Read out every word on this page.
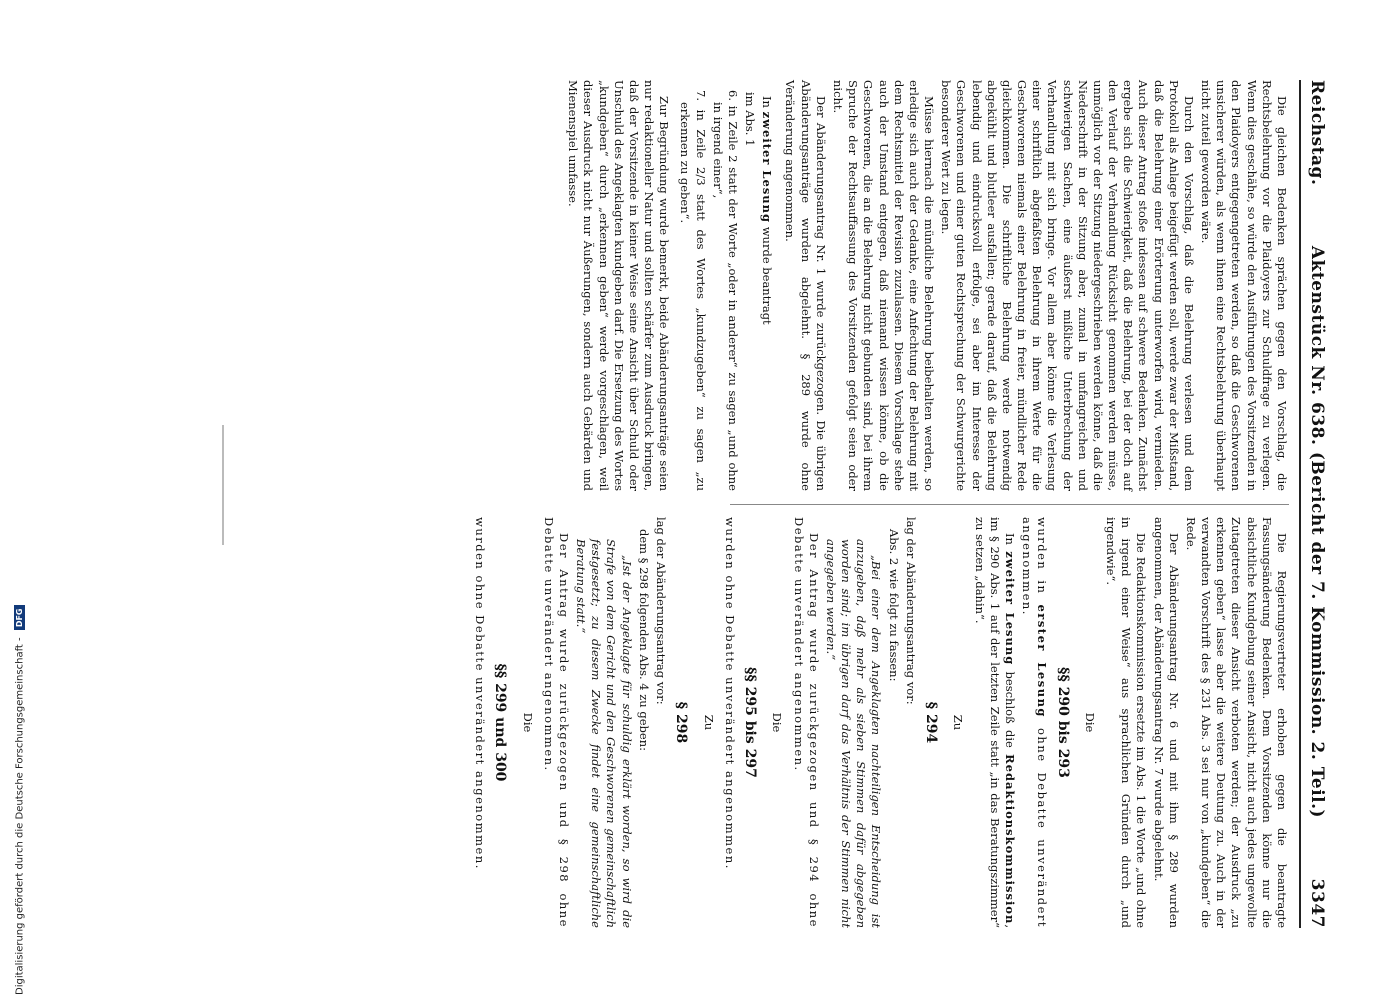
Reichstag.
Aktenstück Nr. 638. (Bericht der 7. Kommission. 2. Teil.)
3347

Die gleichen Bedenken sprächen gegen den Vorschlag, die Rechtsbelehrung vor die Plaidoyers zur Schuldfrage zu verlegen. Wenn dies geschähe, so würde den Ausführungen des Vorsitzenden in den Plaidoyers entgegengetreten werden, so daß die Geschworenen unsicherer würden, als wenn ihnen eine Rechtsbelehrung überhaupt nicht zuteil geworden wäre.

Durch den Vorschlag, daß die Belehrung verlesen und dem Protokoll als Anlage beigefügt werden soll, werde zwar der Mißstand, daß die Belehrung einer Erörterung unterworfen wird, vermieden. Auch dieser Antrag stoße indessen auf schwere Bedenken. Zunächst ergebe sich die Schwierigkeit, daß die Belehrung, bei der doch auf den Verlauf der Verhandlung Rücksicht genommen werden müsse, unmöglich vor der Sitzung niedergeschrieben werden könne, daß die Niederschrift in der Sitzung aber, zumal in umfangreichen und schwierigen Sachen, eine äußerst mißliche Unterbrechung der Verhandlung mit sich bringe. Vor allem aber könne die Verlesung einer schriftlich abgefaßten Belehrung in ihrem Werte für die Geschworenen niemals einer Belehrung in freier, mündlicher Rede gleichkommen. Die schriftliche Belehrung werde notwendig abgekühlt und blutleer ausfallen; gerade darauf, daß die Belehrung lebendig und eindrucksvoll erfolge, sei aber im Interesse der Geschworenen und einer guten Rechtsprechung der Schwurgerichte besonderer Wert zu legen.

Müsse hiernach die mündliche Belehrung beibehalten werden, so erledige sich auch der Gedanke, eine Anfechtung der Belehrung mit dem Rechtsmittel der Revision zuzulassen. Diesem Vorschlage stehe auch der Umstand entgegen, daß niemand wissen könne, ob die Geschworenen, die an die Belehrung nicht gebunden sind, bei ihrem Spruche der Rechtsauffassung des Vorsitzenden gefolgt seien oder nicht.

Der Abänderungsantrag Nr. 1 wurde zurückgezogen. Die übrigen Abänderungsanträge wurden abgelehnt. § 289 wurde ohne Veränderung angenommen.

In zweiter Lesung wurde beantragt

im Abs. 1

6. in Zeile 2 statt der Worte „oder in anderer“ zu sagen „und ohne in irgend einer“,
7. in Zeile 2/3 statt des Wortes „kundzugeben“ zu sagen „zu erkennen zu geben“.

Zur Begründung wurde bemerkt, beide Abänderungsanträge seien nur redaktioneller Natur und sollten schärfer zum Ausdruck bringen, daß der Vorsitzende in keiner Weise seine Ansicht über Schuld oder Unschuld des Angeklagten kundgeben darf. Die Ersetzung des Wortes „kundgeben“ durch „erkennen geben“ werde vorgeschlagen, weil dieser Ausdruck nicht nur Äußerungen, sondern auch Gebärden und Mienenspiel umfasse.

Die Regierungsvertreter erhoben gegen die beantragte Fassungsänderung Bedenken. Dem Vorsitzenden könne nur die absichtliche Kundgebung seiner Ansicht, nicht auch jedes ungewollte Zutagetreten dieser Ansicht verboten werden; der Ausdruck „zu erkennen geben“ lasse aber die weitere Deutung zu. Auch in der verwandten Vorschrift des § 231 Abs. 3 sei nur von „kundgeben“ die Rede.

Der Abänderungsantrag Nr. 6 und mit ihm § 289 wurden angenommen, der Abänderungsantrag Nr. 7 wurde abgelehnt.

Die Redaktionskommission ersetzte im Abs. 1 die Worte „und ohne in irgend einer Weise“ aus sprachlichen Gründen durch „und irgendwie“.

Die
§§ 290 bis 293

wurden in erster Lesung ohne Debatte unverändert angenommen.

In zweiter Lesung beschloß die Redaktionskommission, im § 290 Abs. 1 auf der letzten Zeile statt „in das Beratungszimmer“ zu setzen „dahin“.

Zu
§ 294

lag der Abänderungsantrag vor:

Abs. 2 wie folgt zu fassen:

„Bei einer dem Angeklagten nachteiligen Entscheidung ist anzugeben, daß mehr als sieben Stimmen dafür abgegeben worden sind; im übrigen darf das Verhältnis der Stimmen nicht angegeben werden.“

Der Antrag wurde zurückgezogen und § 294 ohne Debatte unverändert angenommen.

Die
§§ 295 bis 297

wurden ohne Debatte unverändert angenommen.

Zu
§ 298

lag der Abänderungsantrag vor:

dem § 298 folgenden Abs. 4 zu geben:

„Ist der Angeklagte für schuldig erklärt worden, so wird die Strafe von dem Gericht und den Geschworenen gemeinschaftlich festgesetzt; zu diesem Zwecke findet eine gemeinschaftliche Beratung statt.“

Der Antrag wurde zurückgezogen und § 298 ohne Debatte unverändert angenommen.

Die
§§ 299 und 300

wurden ohne Debatte unverändert angenommen.

Digitalisierung gefördert durch die Deutsche Forschungsgemeinschaft - DFG
